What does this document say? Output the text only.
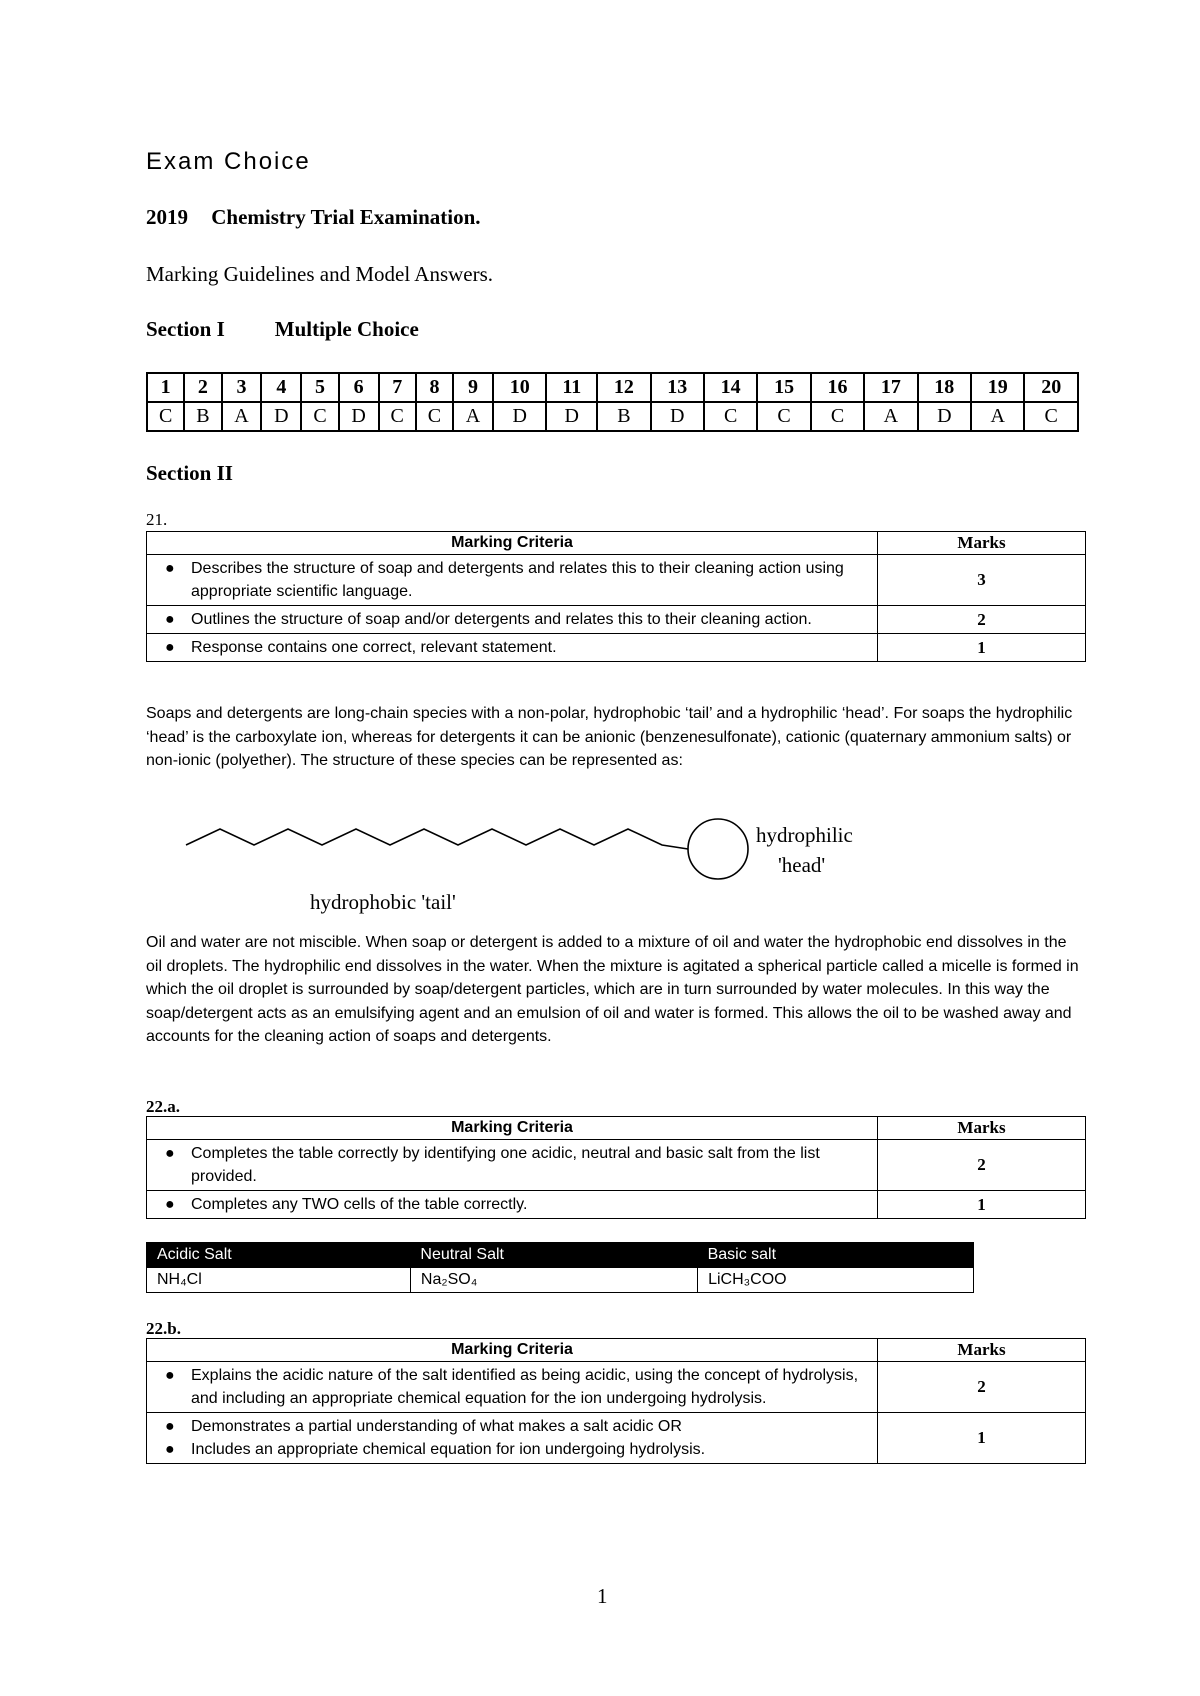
Exam Choice
2019 Chemistry Trial Examination.
Marking Guidelines and Model Answers.
Section I Multiple Choice
1	2	3	4	5	6	7	8	9	10	11	12	13	14	15	16	17	18	19	20
C	B	A	D	C	D	C	C	A	D	D	B	D	C	C	C	A	D	A	C
Section II
21.
Marking Criteria	Marks

● Describes the structure of soap and detergents and relates this to their cleaning action using appropriate scientific language.	3

● Outlines the structure of soap and/or detergents and relates this to their cleaning action.	2

● Response contains one correct, relevant statement.	1
Soaps and detergents are long-chain species with a non-polar, hydrophobic ‘tail’ and a hydrophilic ‘head’. For soaps the hydrophilic ‘head’ is the carboxylate ion, whereas for detergents it can be anionic (benzenesulfonate), cationic (quaternary ammonium salts) or non-ionic (polyether). The structure of these species can be represented as:
hydrophobic 'tail'
hydrophilic
'head'
Oil and water are not miscible. When soap or detergent is added to a mixture of oil and water the hydrophobic end dissolves in the oil droplets. The hydrophilic end dissolves in the water. When the mixture is agitated a spherical particle called a micelle is formed in which the oil droplet is surrounded by soap/detergent particles, which are in turn surrounded by water molecules. In this way the soap/detergent acts as an emulsifying agent and an emulsion of oil and water is formed. This allows the oil to be washed away and accounts for the cleaning action of soaps and detergents.
22.a.
Marking Criteria	Marks

● Completes the table correctly by identifying one acidic, neutral and basic salt from the list provided.	2

● Completes any TWO cells of the table correctly.	1
Acidic Salt	Neutral Salt	Basic salt
NH₄Cl	Na₂SO₄	LiCH₃COO
22.b.
Marking Criteria	Marks

● Explains the acidic nature of the salt identified as being acidic, using the concept of hydrolysis, and including an appropriate chemical equation for the ion undergoing hydrolysis.	2

● Demonstrates a partial understanding of what makes a salt acidic OR
● Includes an appropriate chemical equation for ion undergoing hydrolysis.	1
1
